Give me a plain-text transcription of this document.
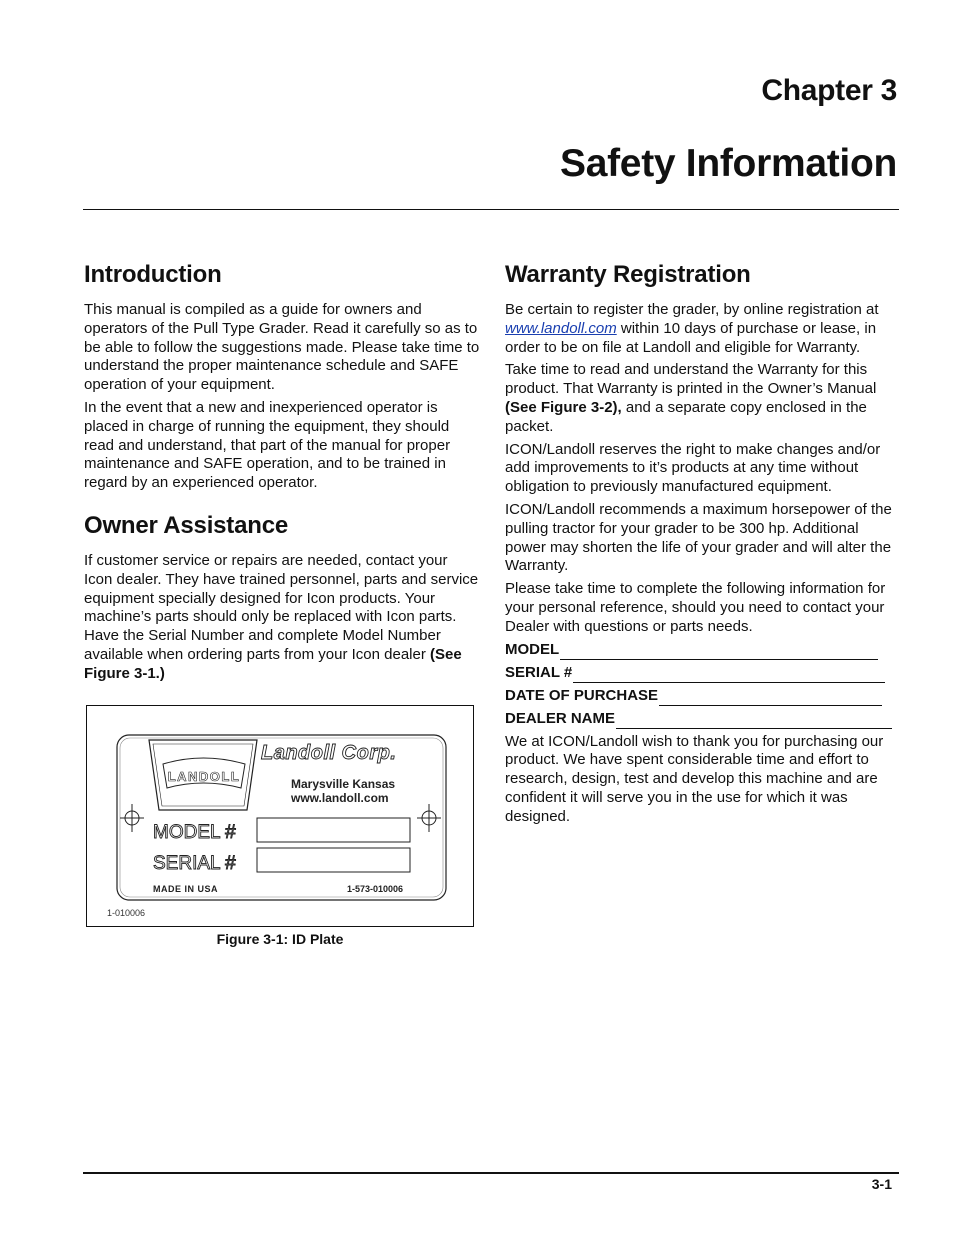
Chapter 3
Safety Information
Introduction

This manual is compiled as a guide for owners and operators of the Pull Type Grader. Read it carefully so as to be able to follow the suggestions made. Please take time to understand the proper maintenance schedule and SAFE operation of your equipment.

In the event that a new and inexperienced operator is placed in charge of running the equipment, they should read and understand, that part of the manual for proper maintenance and SAFE operation, and to be trained in regard by an experienced operator.

Owner Assistance

If customer service or repairs are needed, contact your Icon dealer. They have trained personnel, parts and service equipment specially designed for Icon products. Your machine’s parts should only be replaced with Icon parts. Have the Serial Number and complete Model Number available when ordering parts from your Icon dealer (See Figure 3-1.)

LANDOLL
Landoll Corp.
Marysville Kansas
www.landoll.com
MODEL #
SERIAL #
MADE IN USA	1-573-010006
1-010006
Figure 3-1: ID Plate
Warranty Registration

Be certain to register the grader, by online registration at
www.landoll.com within 10 days of purchase or lease, in order to be on file at Landoll and eligible for Warranty.

Take time to read and understand the Warranty for this product. That Warranty is printed in the Owner’s Manual (See Figure 3-2), and a separate copy enclosed in the packet.

ICON/Landoll reserves the right to make changes and/or add improvements to it’s products at any time without obligation to previously manufactured equipment.

ICON/Landoll recommends a maximum horsepower of the pulling tractor for your grader to be 300 hp. Additional power may shorten the life of your grader and will alter the Warranty.

Please take time to complete the following information for your personal reference, should you need to contact your Dealer with questions or parts needs.

MODEL
SERIAL #
DATE OF PURCHASE
DEALER NAME

We at ICON/Landoll wish to thank you for purchasing our product. We have spent considerable time and effort to research, design, test and develop this machine and are confident it will serve you in the use for which it was designed.

3-1
